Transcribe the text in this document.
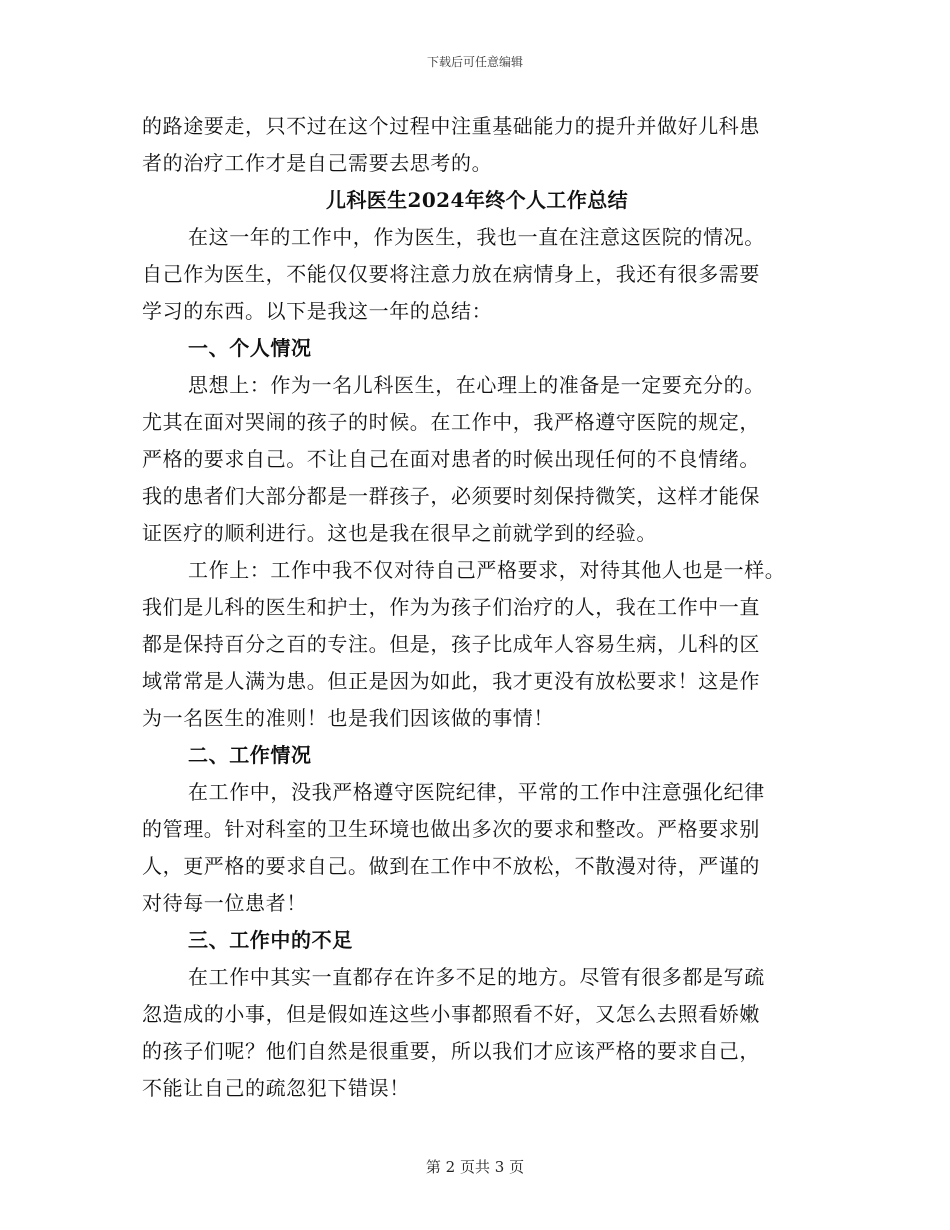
下载后可任意编辑
的路途要走，只不过在这个过程中注重基础能力的提升并做好儿科患
者的治疗工作才是自己需要去思考的。
儿科医生2024年终个人工作总结
在这一年的工作中，作为医生，我也一直在注意这医院的情况。
自己作为医生，不能仅仅要将注意力放在病情身上，我还有很多需要
学习的东西。以下是我这一年的总结：
一、个人情况
思想上：作为一名儿科医生，在心理上的准备是一定要充分的。
尤其在面对哭闹的孩子的时候。在工作中，我严格遵守医院的规定，
严格的要求自己。不让自己在面对患者的时候出现任何的不良情绪。
我的患者们大部分都是一群孩子，必须要时刻保持微笑，这样才能保
证医疗的顺利进行。这也是我在很早之前就学到的经验。
工作上：工作中我不仅对待自己严格要求，对待其他人也是一样。
我们是儿科的医生和护士，作为为孩子们治疗的人，我在工作中一直
都是保持百分之百的专注。但是，孩子比成年人容易生病，儿科的区
域常常是人满为患。但正是因为如此，我才更没有放松要求！这是作
为一名医生的准则！也是我们因该做的事情！
二、工作情况
在工作中，没我严格遵守医院纪律，平常的工作中注意强化纪律
的管理。针对科室的卫生环境也做出多次的要求和整改。严格要求别
人，更严格的要求自己。做到在工作中不放松，不散漫对待，严谨的
对待每一位患者！
三、工作中的不足
在工作中其实一直都存在许多不足的地方。尽管有很多都是写疏
忽造成的小事，但是假如连这些小事都照看不好，又怎么去照看娇嫩
的孩子们呢？他们自然是很重要，所以我们才应该严格的要求自己，
不能让自己的疏忽犯下错误！
第 2 页共 3 页
